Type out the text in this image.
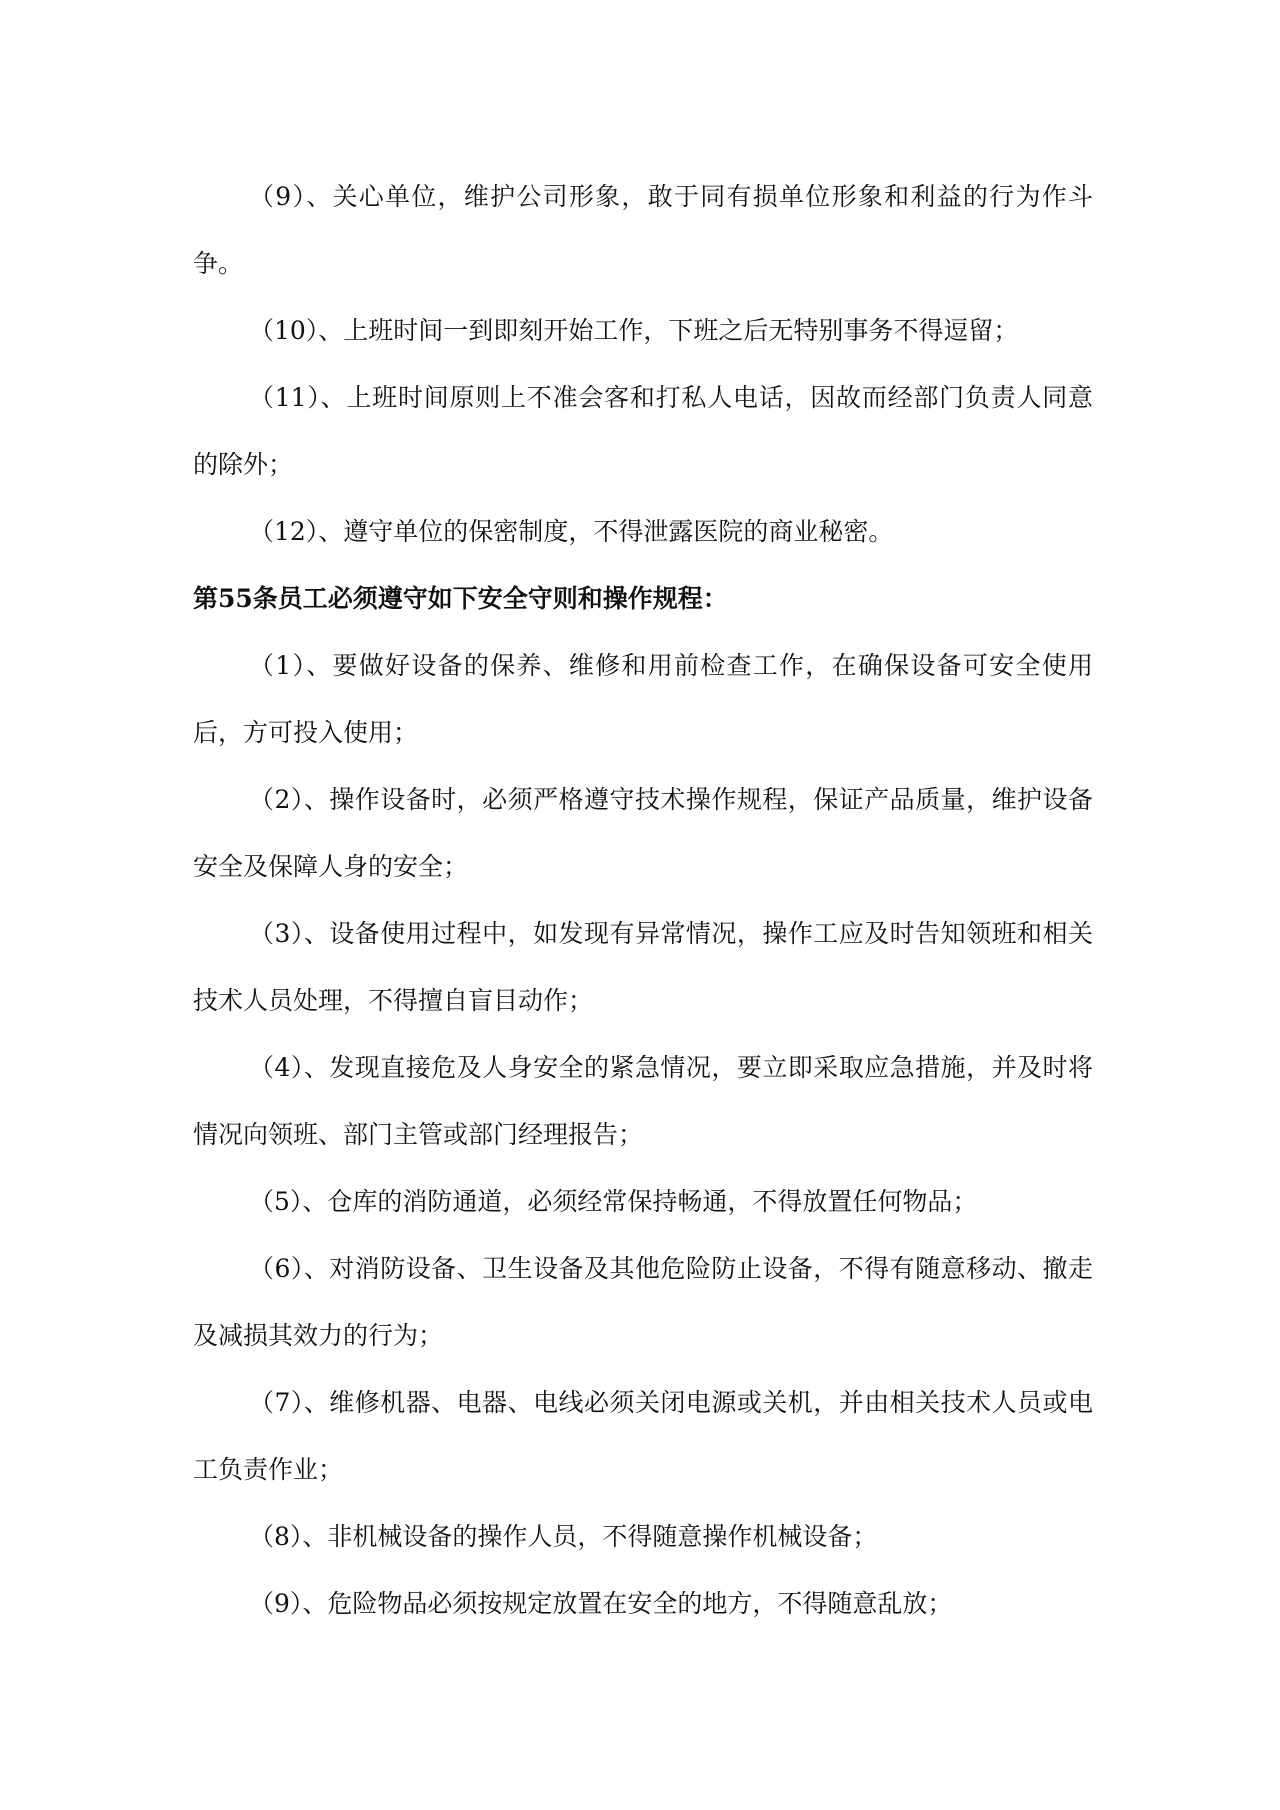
（9）、关心单位，维护公司形象，敢于同有损单位形象和利益的行为作斗争。

（10）、上班时间一到即刻开始工作，下班之后无特别事务不得逗留；

（11）、上班时间原则上不准会客和打私人电话，因故而经部门负责人同意的除外；

（12）、遵守单位的保密制度，不得泄露医院的商业秘密。

第55条员工必须遵守如下安全守则和操作规程：

（1）、要做好设备的保养、维修和用前检查工作，在确保设备可安全使用后，方可投入使用；

（2）、操作设备时，必须严格遵守技术操作规程，保证产品质量，维护设备安全及保障人身的安全；

（3）、设备使用过程中，如发现有异常情况，操作工应及时告知领班和相关技术人员处理，不得擅自盲目动作；

（4）、发现直接危及人身安全的紧急情况，要立即采取应急措施，并及时将情况向领班、部门主管或部门经理报告；

（5）、仓库的消防通道，必须经常保持畅通，不得放置任何物品；

（6）、对消防设备、卫生设备及其他危险防止设备，不得有随意移动、撤走及减损其效力的行为；

（7）、维修机器、电器、电线必须关闭电源或关机，并由相关技术人员或电工负责作业；

（8）、非机械设备的操作人员，不得随意操作机械设备；

（9）、危险物品必须按规定放置在安全的地方，不得随意乱放；
